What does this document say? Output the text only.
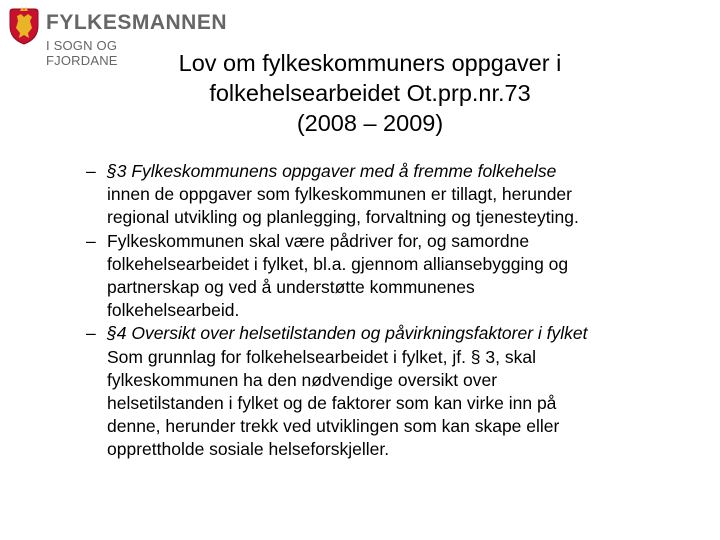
FYLKESMANNEN
I SOGN OG FJORDANE	Lov om fylkeskommuners oppgaver i
folkehelsearbeidet Ot.prp.nr.73
(2008 – 2009)
– §3 Fylkeskommunens oppgaver med å fremme folkehelse
innen de oppgaver som fylkeskommunen er tillagt, herunder
regional utvikling og planlegging, forvaltning og tjenesteyting.
– Fylkeskommunen skal være pådriver for, og samordne
folkehelsearbeidet i fylket, bl.a. gjennom alliansebygging og
partnerskap og ved å understøtte kommunenes
folkehelsearbeid.
– §4 Oversikt over helsetilstanden og påvirkningsfaktorer i fylket
Som grunnlag for folkehelsearbeidet i fylket, jf. § 3, skal
fylkeskommunen ha den nødvendige oversikt over
helsetilstanden i fylket og de faktorer som kan virke inn på
denne, herunder trekk ved utviklingen som kan skape eller
opprettholde sosiale helseforskjeller.
